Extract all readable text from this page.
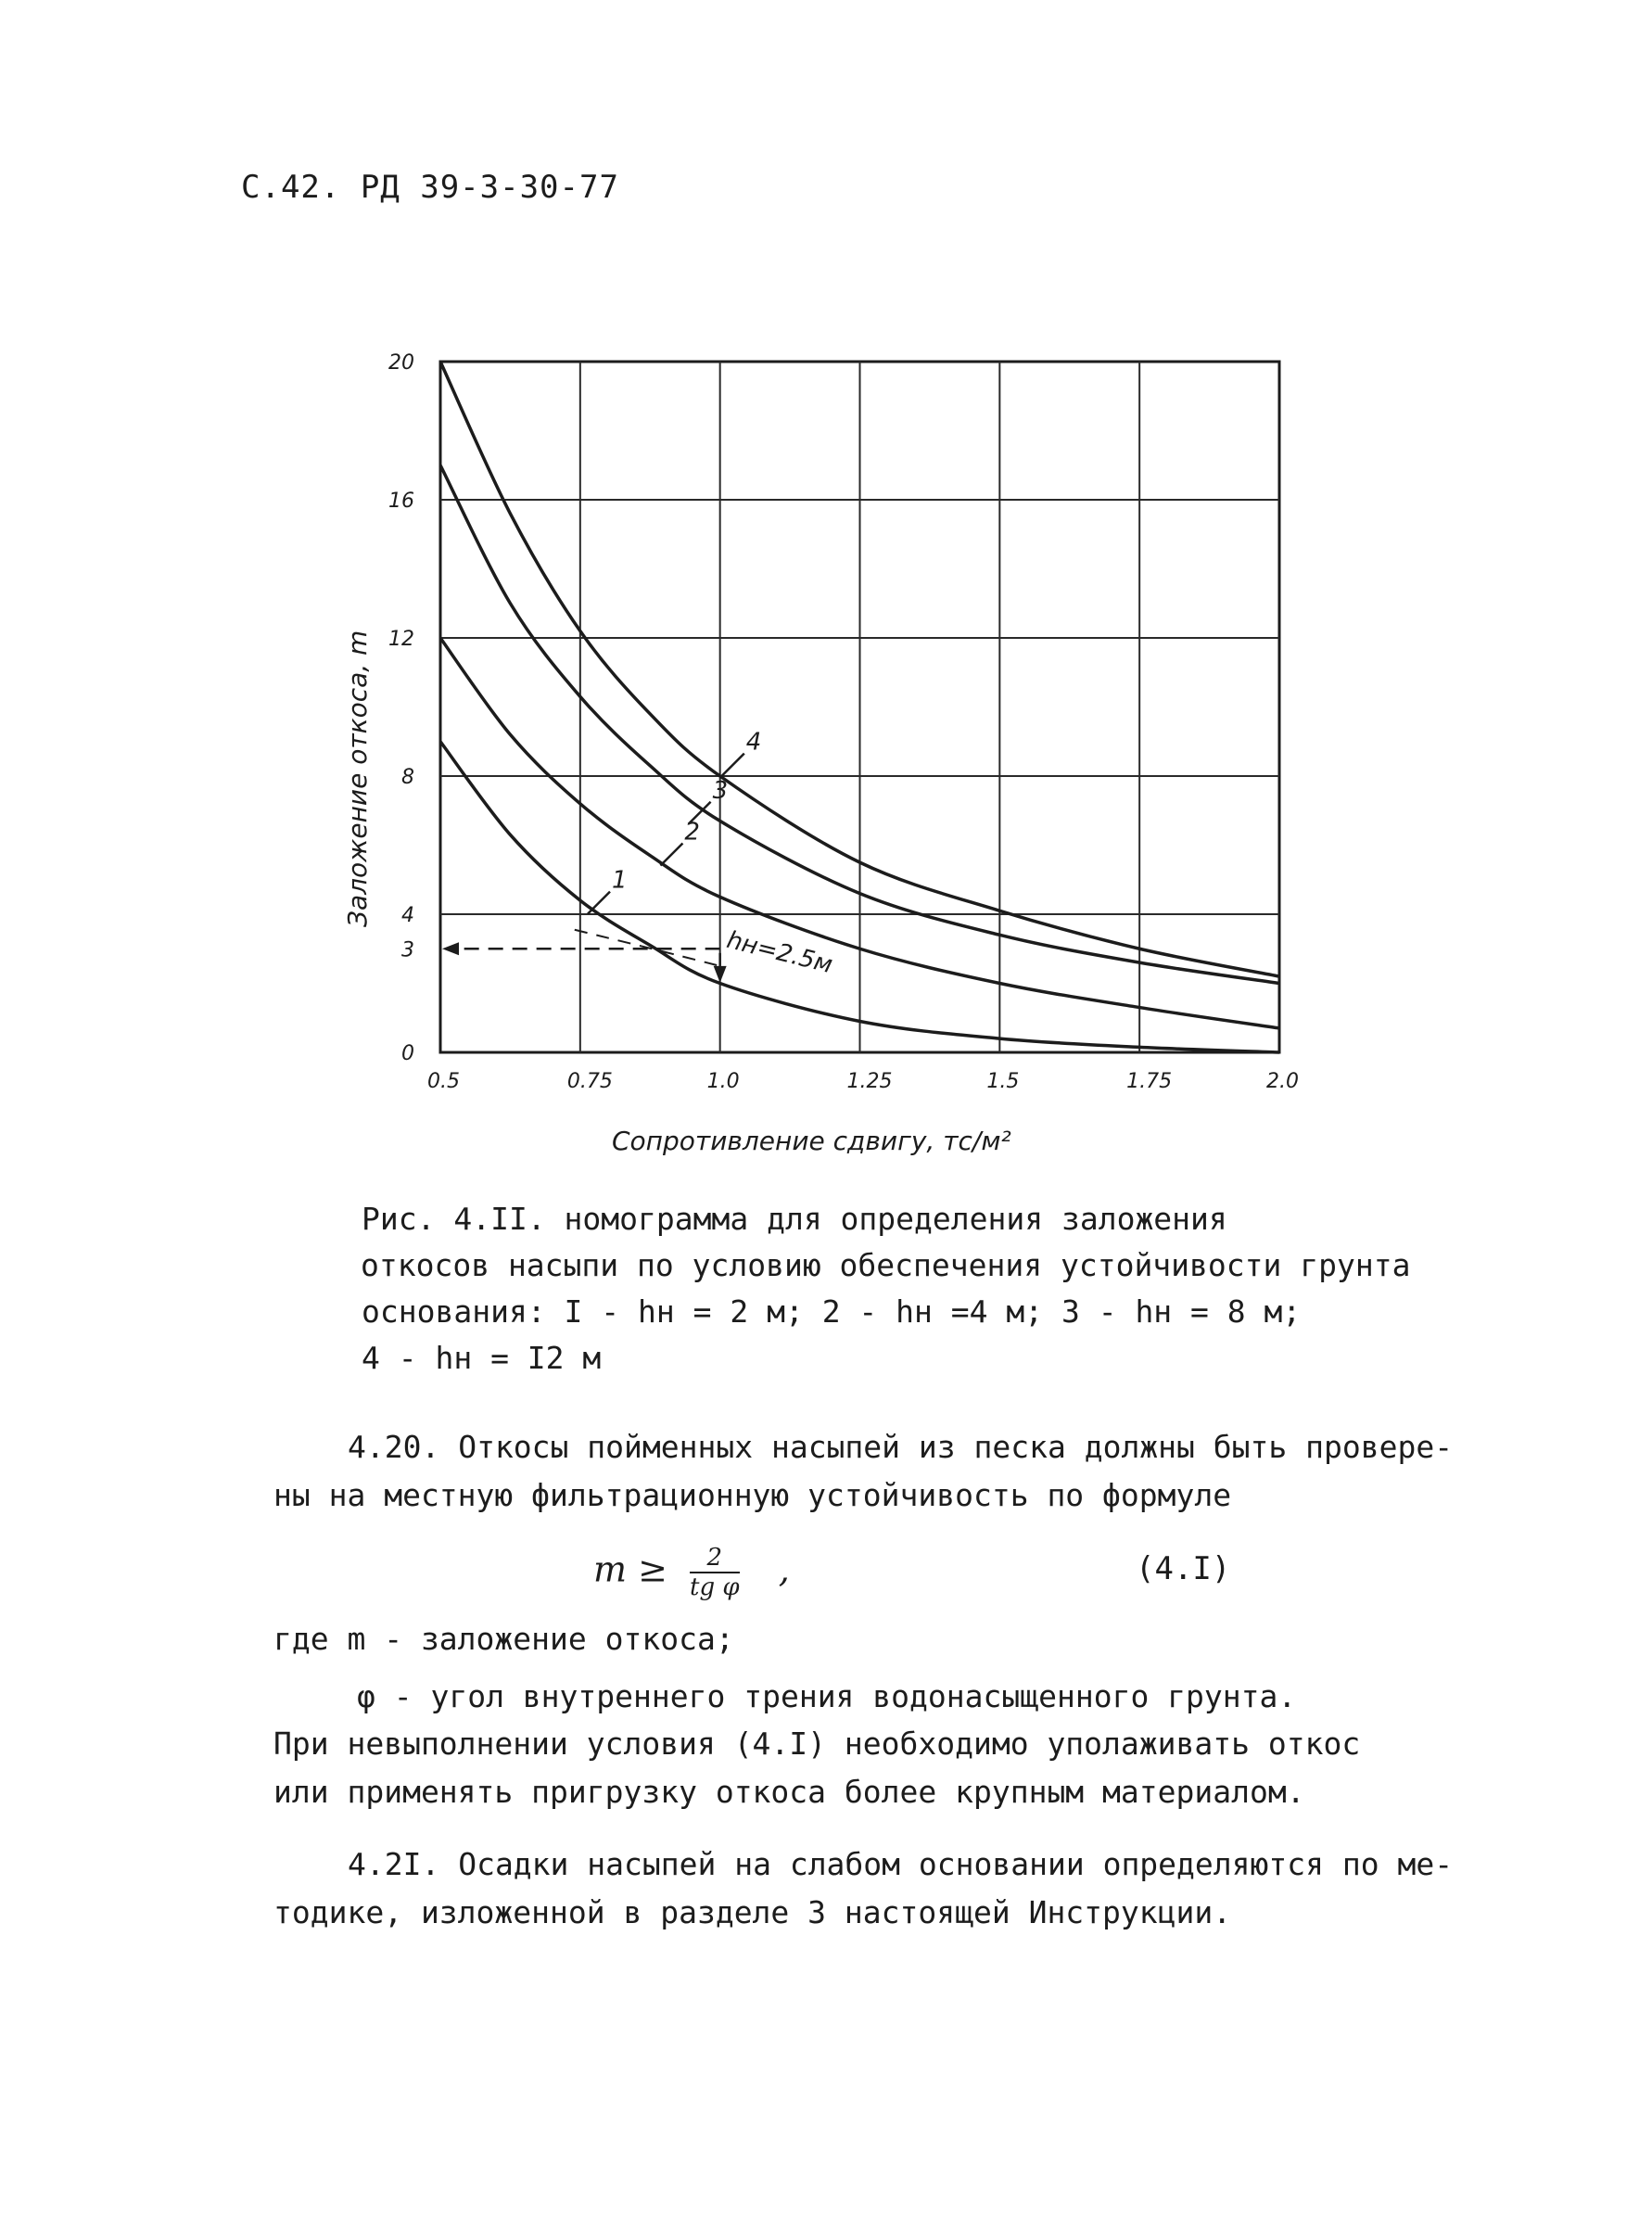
С.42. РД 39-3-30-77
1
2
3
4
0.5	0.75	1.0	1.25	1.5	1.75	2.0
0
3
4
8
12
16
20
hн=2.5м
Сопротивление сдвигу, тс/м²
Заложение откоса, m
Рис. 4.II. номограмма для определения заложения
откосов насыпи по условию обеспечения устойчивости грунта
основания: I - hн = 2 м; 2 - hн =4 м; 3 - hн = 8 м;
4 - hн = I2 м
4.20. Откосы пойменных насыпей из песка должны быть провере-
ны на местную фильтрационную устойчивость по формуле
$m \ge \frac{2}{\text{tg φ}}$ ,	(4.I)
где m - заложение откоса;
φ - угол внутреннего трения водонасыщенного грунта.
При невыполнении условия (4.I) необходимо уполаживать откос
или применять пригрузку откоса более крупным материалом.
4.2I. Осадки насыпей на слабом основании определяются по ме-
тодике, изложенной в разделе 3 настоящей Инструкции.
